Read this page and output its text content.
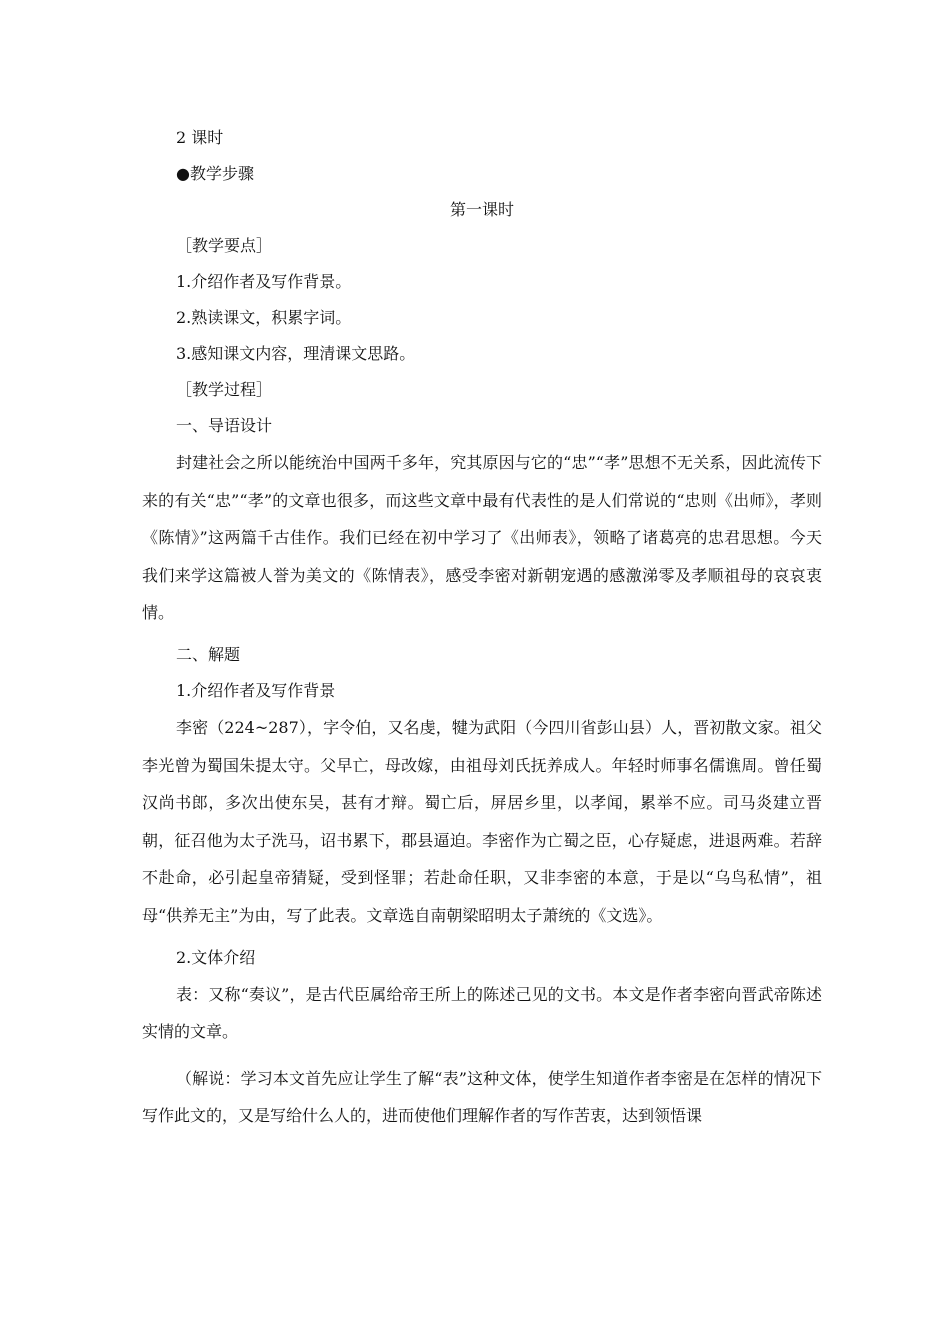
2 课时

●教学步骤

第一课时

［教学要点］

1.介绍作者及写作背景。

2.熟读课文，积累字词。

3.感知课文内容，理清课文思路。

［教学过程］

一、导语设计

封建社会之所以能统治中国两千多年，究其原因与它的“忠”“孝”思想不无关系，因此流传下来的有关“忠”“孝”的文章也很多，而这些文章中最有代表性的是人们常说的“忠则《出师》，孝则《陈情》”这两篇千古佳作。我们已经在初中学习了《出师表》，领略了诸葛亮的忠君思想。今天我们来学这篇被人誉为美文的《陈情表》，感受李密对新朝宠遇的感激涕零及孝顺祖母的哀哀衷情。

二、解题

1.介绍作者及写作背景

李密（224~287），字令伯，又名虔，犍为武阳（今四川省彭山县）人，晋初散文家。祖父李光曾为蜀国朱提太守。父早亡，母改嫁，由祖母刘氏抚养成人。年轻时师事名儒谯周。曾任蜀汉尚书郎，多次出使东吴，甚有才辩。蜀亡后，屏居乡里，以孝闻，累举不应。司马炎建立晋朝，征召他为太子洗马，诏书累下，郡县逼迫。李密作为亡蜀之臣，心存疑虑，进退两难。若辞不赴命，必引起皇帝猜疑，受到怪罪；若赴命任职，又非李密的本意，于是以“乌鸟私情”，祖母“供养无主”为由，写了此表。文章选自南朝梁昭明太子萧统的《文选》。

2.文体介绍

表：又称“奏议”，是古代臣属给帝王所上的陈述己见的文书。本文是作者李密向晋武帝陈述实情的文章。

（解说：学习本文首先应让学生了解“表”这种文体，使学生知道作者李密是在怎样的情况下写作此文的，又是写给什么人的，进而使他们理解作者的写作苦衷，达到领悟课
